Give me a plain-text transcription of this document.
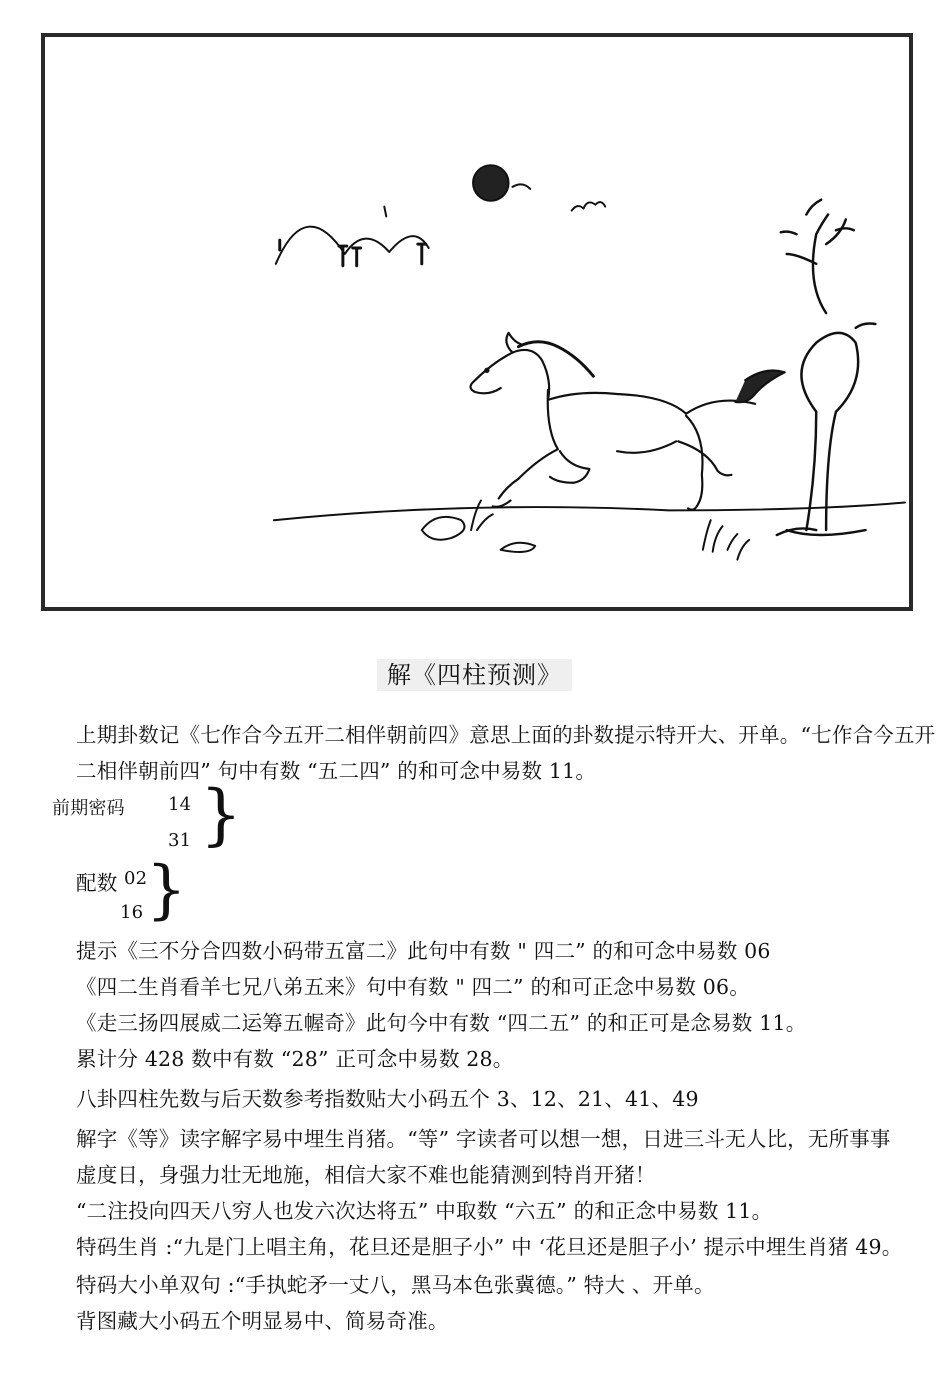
解《四柱预测》
上期卦数记《七作合今五开二相伴朝前四》意思上面的卦数提示特开大、开单。“七作合今五开
二相伴朝前四” 句中有数 “五二四” 的和可念中易数 11。
前期密码 14
31 }
配数 02
16 }
提示《三不分合四数小码带五富二》此句中有数 " 四二” 的和可念中易数 06
《四二生肖看羊七兄八弟五来》句中有数 " 四二” 的和可正念中易数 06。
《走三扬四展威二运筹五幄奇》此句今中有数 “四二五” 的和正可是念易数 11。
累计分 428 数中有数 “28” 正可念中易数 28。
八卦四柱先数与后天数参考指数贴大小码五个 3、12、21、41、49
解字《等》读字解字易中埋生肖猪。“等” 字读者可以想一想，日进三斗无人比，无所事事
虚度日，身强力壮无地施，相信大家不难也能猜测到特肖开猪！
“二注投向四天八穷人也发六次达将五” 中取数 “六五” 的和正念中易数 11。
特码生肖 :“九是门上唱主角，花旦还是胆子小” 中 ‘花旦还是胆子小’ 提示中埋生肖猪 49。
特码大小单双句 :“手执蛇矛一丈八，黑马本色张冀德。” 特大 、开单。
背图藏大小码五个明显易中、简易奇准。
